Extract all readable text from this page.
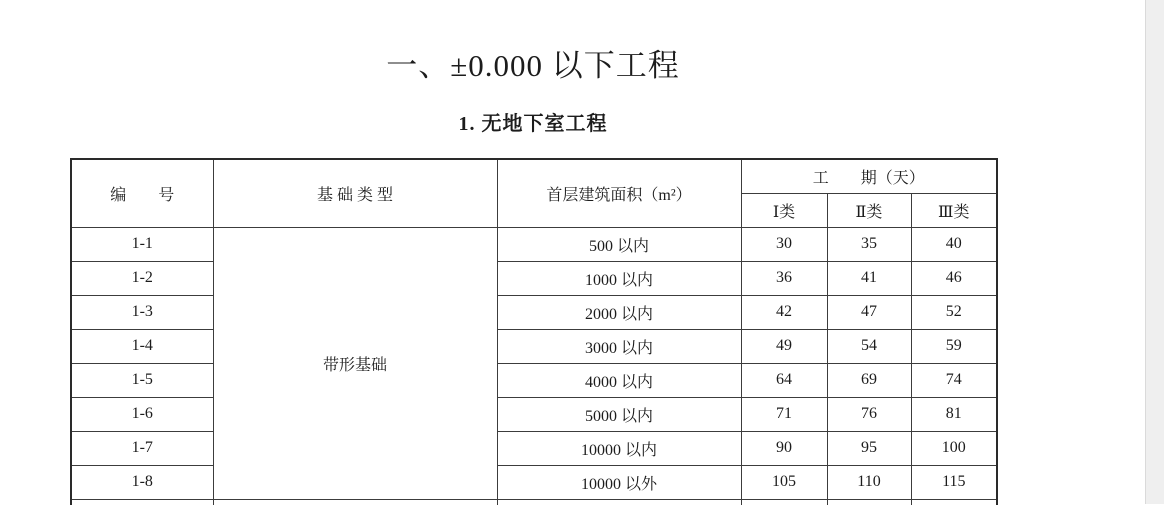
一、±0.000 以下工程
1. 无地下室工程
编　　号	基 础 类 型	首层建筑面积（m²）	工　　期（天）		
			Ⅰ类	Ⅱ类	Ⅲ类
1-1	带形基础	500 以内	30	35	40
1-2		1000 以内	36	41	46
1-3		2000 以内	42	47	52
1-4		3000 以内	49	54	59
1-5		4000 以内	64	69	74
1-6		5000 以内	71	76	81
1-7		10000 以内	90	95	100
1-8		10000 以外	105	110	115
